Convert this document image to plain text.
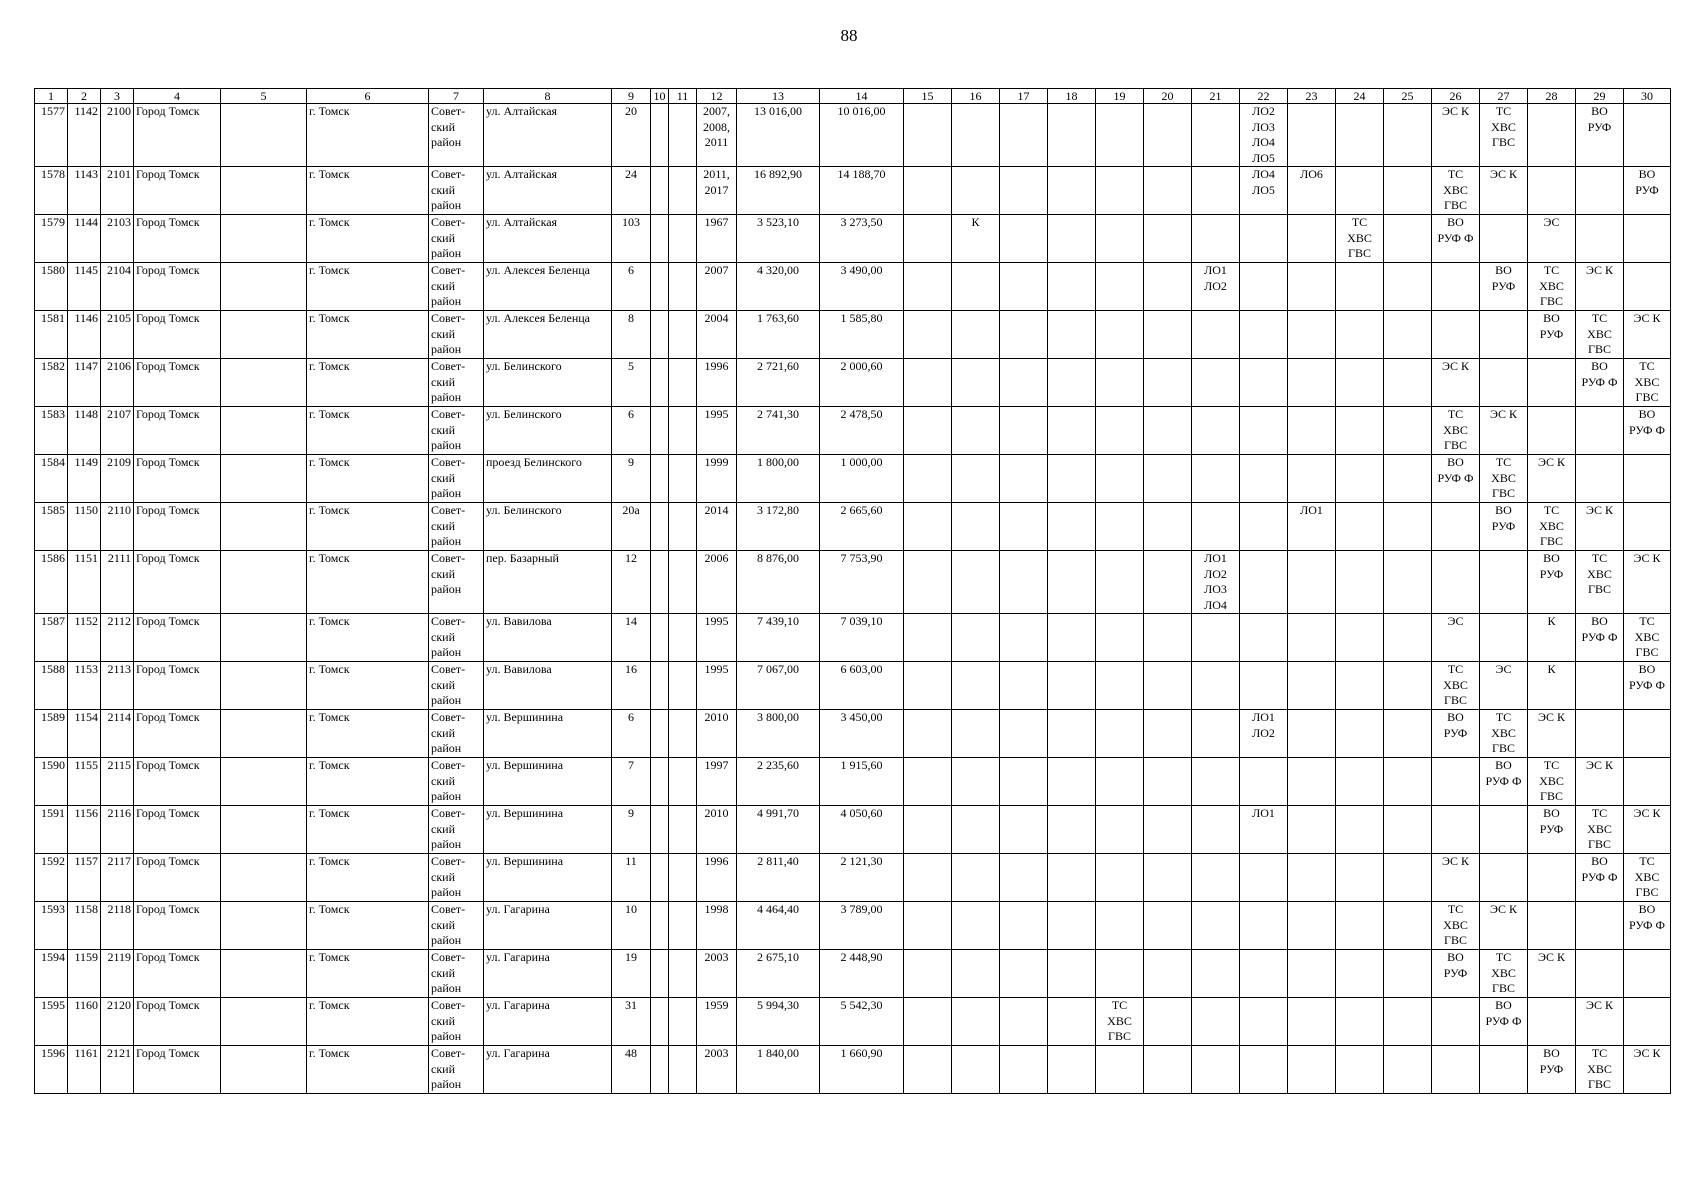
88
1	2	3	4	5	6	7	8	9	10	11	12	13	14	15	16	17	18	19	20	21	22	23	24	25	26	27	28	29	30
1577	1142	2100	Город Томск		г. Томск	Совет-
ский
район	ул. Алтайская	20			2007,
2008,
2011	13 016,00	10 016,00								ЛО2
ЛО3
ЛО4
ЛО5				ЭС К	ТС
ХВС
ГВС		ВО
РУФ	
1578	1143	2101	Город Томск		г. Томск	Совет-
ский
район	ул. Алтайская	24			2011,
2017	16 892,90	14 188,70								ЛО4
ЛО5	ЛО6			ТС
ХВС
ГВС	ЭС К			ВО
РУФ
1579	1144	2103	Город Томск		г. Томск	Совет-
ский
район	ул. Алтайская	103			1967	3 523,10	3 273,50		К								ТС
ХВС
ГВС		ВО
РУФ Ф		ЭС		
1580	1145	2104	Город Томск		г. Томск	Совет-
ский
район	ул. Алексея Беленца	6			2007	4 320,00	3 490,00							ЛО1
ЛО2						ВО
РУФ	ТС
ХВС
ГВС	ЭС К	
1581	1146	2105	Город Томск		г. Томск	Совет-
ский
район	ул. Алексея Беленца	8			2004	1 763,60	1 585,80														ВО
РУФ	ТС
ХВС
ГВС	ЭС К
1582	1147	2106	Город Томск		г. Томск	Совет-
ский
район	ул. Белинского	5			1996	2 721,60	2 000,60												ЭС К			ВО
РУФ Ф	ТС
ХВС
ГВС
1583	1148	2107	Город Томск		г. Томск	Совет-
ский
район	ул. Белинского	6			1995	2 741,30	2 478,50												ТС
ХВС
ГВС	ЭС К			ВО
РУФ Ф
1584	1149	2109	Город Томск		г. Томск	Совет-
ский
район	проезд Белинского	9			1999	1 800,00	1 000,00												ВО
РУФ Ф	ТС
ХВС
ГВС	ЭС К		
1585	1150	2110	Город Томск		г. Томск	Совет-
ский
район	ул. Белинского	20а			2014	3 172,80	2 665,60									ЛО1				ВО
РУФ	ТС
ХВС
ГВС	ЭС К	
1586	1151	2111	Город Томск		г. Томск	Совет-
ский
район	пер. Базарный	12			2006	8 876,00	7 753,90							ЛО1
ЛО2
ЛО3
ЛО4							ВО
РУФ	ТС
ХВС
ГВС	ЭС К
1587	1152	2112	Город Томск		г. Томск	Совет-
ский
район	ул. Вавилова	14			1995	7 439,10	7 039,10												ЭС		К	ВО
РУФ Ф	ТС
ХВС
ГВС
1588	1153	2113	Город Томск		г. Томск	Совет-
ский
район	ул. Вавилова	16			1995	7 067,00	6 603,00												ТС
ХВС
ГВС	ЭС	К		ВО
РУФ Ф
1589	1154	2114	Город Томск		г. Томск	Совет-
ский
район	ул. Вершинина	6			2010	3 800,00	3 450,00								ЛО1
ЛО2				ВО
РУФ	ТС
ХВС
ГВС	ЭС К		
1590	1155	2115	Город Томск		г. Томск	Совет-
ский
район	ул. Вершинина	7			1997	2 235,60	1 915,60													ВО
РУФ Ф	ТС
ХВС
ГВС	ЭС К	
1591	1156	2116	Город Томск		г. Томск	Совет-
ский
район	ул. Вершинина	9			2010	4 991,70	4 050,60								ЛО1						ВО
РУФ	ТС
ХВС
ГВС	ЭС К
1592	1157	2117	Город Томск		г. Томск	Совет-
ский
район	ул. Вершинина	11			1996	2 811,40	2 121,30												ЭС К			ВО
РУФ Ф	ТС
ХВС
ГВС
1593	1158	2118	Город Томск		г. Томск	Совет-
ский
район	ул. Гагарина	10			1998	4 464,40	3 789,00												ТС
ХВС
ГВС	ЭС К			ВО
РУФ Ф
1594	1159	2119	Город Томск		г. Томск	Совет-
ский
район	ул. Гагарина	19			2003	2 675,10	2 448,90												ВО
РУФ	ТС
ХВС
ГВС	ЭС К		
1595	1160	2120	Город Томск		г. Томск	Совет-
ский
район	ул. Гагарина	31			1959	5 994,30	5 542,30					ТС
ХВС
ГВС								ВО
РУФ Ф		ЭС К	
1596	1161	2121	Город Томск		г. Томск	Совет-
ский
район	ул. Гагарина	48			2003	1 840,00	1 660,90														ВО
РУФ	ТС
ХВС
ГВС	ЭС К
